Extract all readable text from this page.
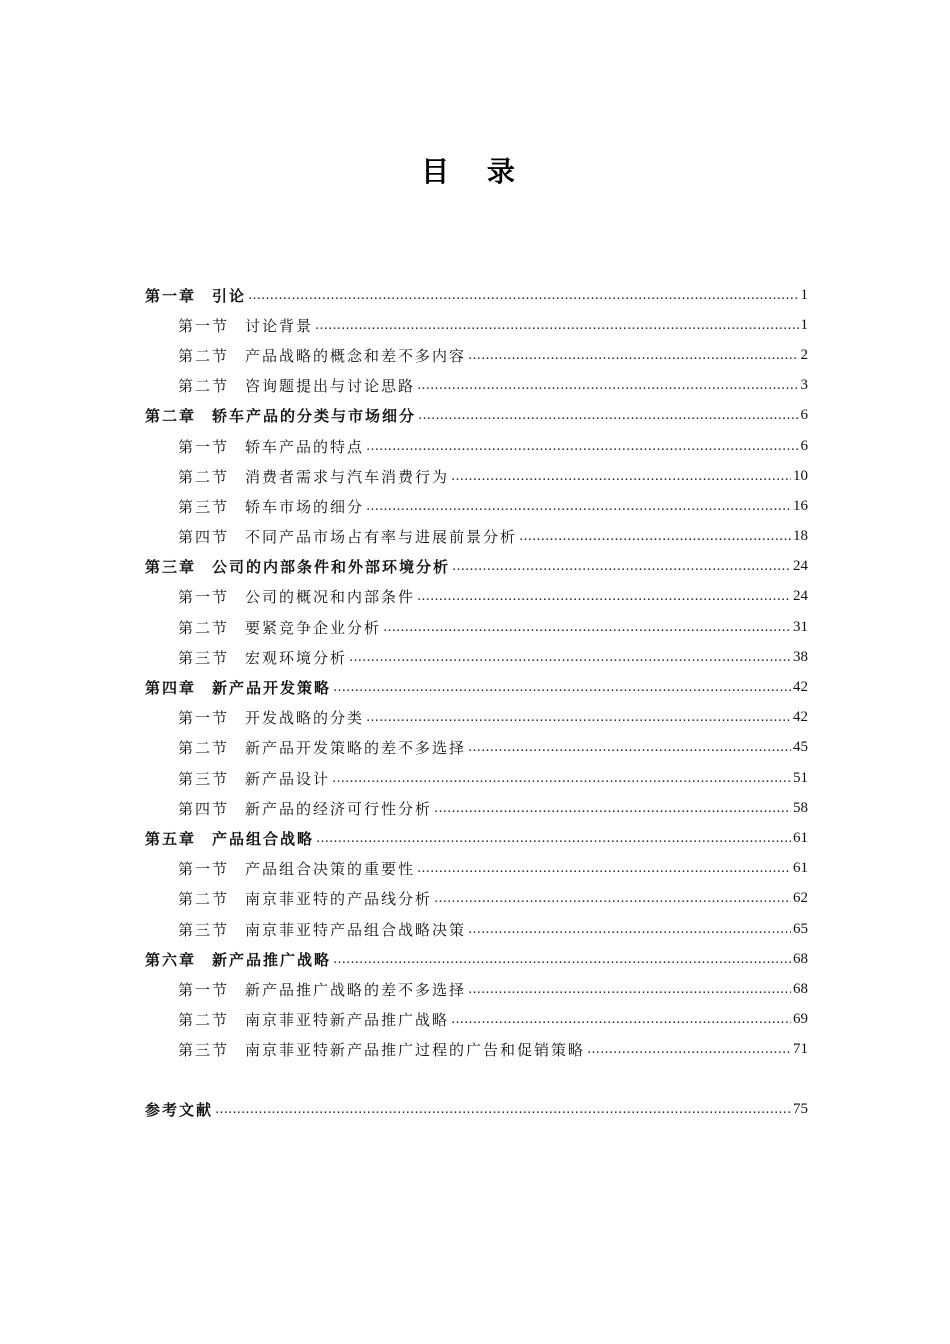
目 录
第一章 引论 ………………………………………………………………………………………………………………………………………………………………………………	1
第一节 讨论背景 ………………………………………………………………………………………………………………………………………………………………………………	1
第二节 产品战略的概念和差不多内容 ………………………………………………………………………………………………………………………………………………………………………………	2
第二节 咨询题提出与讨论思路 ………………………………………………………………………………………………………………………………………………………………………………	3
第二章 轿车产品的分类与市场细分 ………………………………………………………………………………………………………………………………………………………………………………	6
第一节 轿车产品的特点 ………………………………………………………………………………………………………………………………………………………………………………	6
第二节 消费者需求与汽车消费行为 ………………………………………………………………………………………………………………………………………………………………………………	10
第三节 轿车市场的细分 ………………………………………………………………………………………………………………………………………………………………………………	16
第四节 不同产品市场占有率与进展前景分析 ………………………………………………………………………………………………………………………………………………………………………………	18
第三章 公司的内部条件和外部环境分析 ………………………………………………………………………………………………………………………………………………………………………………	24
第一节 公司的概况和内部条件 ………………………………………………………………………………………………………………………………………………………………………………	24
第二节 要紧竞争企业分析 ………………………………………………………………………………………………………………………………………………………………………………	31
第三节 宏观环境分析 ………………………………………………………………………………………………………………………………………………………………………………	38
第四章 新产品开发策略 ………………………………………………………………………………………………………………………………………………………………………………	42
第一节 开发战略的分类 ………………………………………………………………………………………………………………………………………………………………………………	42
第二节 新产品开发策略的差不多选择 ………………………………………………………………………………………………………………………………………………………………………………	45
第三节 新产品设计 ………………………………………………………………………………………………………………………………………………………………………………	51
第四节 新产品的经济可行性分析 ………………………………………………………………………………………………………………………………………………………………………………	58
第五章 产品组合战略 ………………………………………………………………………………………………………………………………………………………………………………	61
第一节 产品组合决策的重要性 ………………………………………………………………………………………………………………………………………………………………………………	61
第二节 南京菲亚特的产品线分析 ………………………………………………………………………………………………………………………………………………………………………………	62
第三节 南京菲亚特产品组合战略决策 ………………………………………………………………………………………………………………………………………………………………………………	65
第六章 新产品推广战略 ………………………………………………………………………………………………………………………………………………………………………………	68
第一节 新产品推广战略的差不多选择 ………………………………………………………………………………………………………………………………………………………………………………	68
第二节 南京菲亚特新产品推广战略 ………………………………………………………………………………………………………………………………………………………………………………	69
第三节 南京菲亚特新产品推广过程的广告和促销策略 ………………………………………………………………………………………………………………………………………………………………………………	71
参考文献 ………………………………………………………………………………………………………………………………………………………………………………	75
